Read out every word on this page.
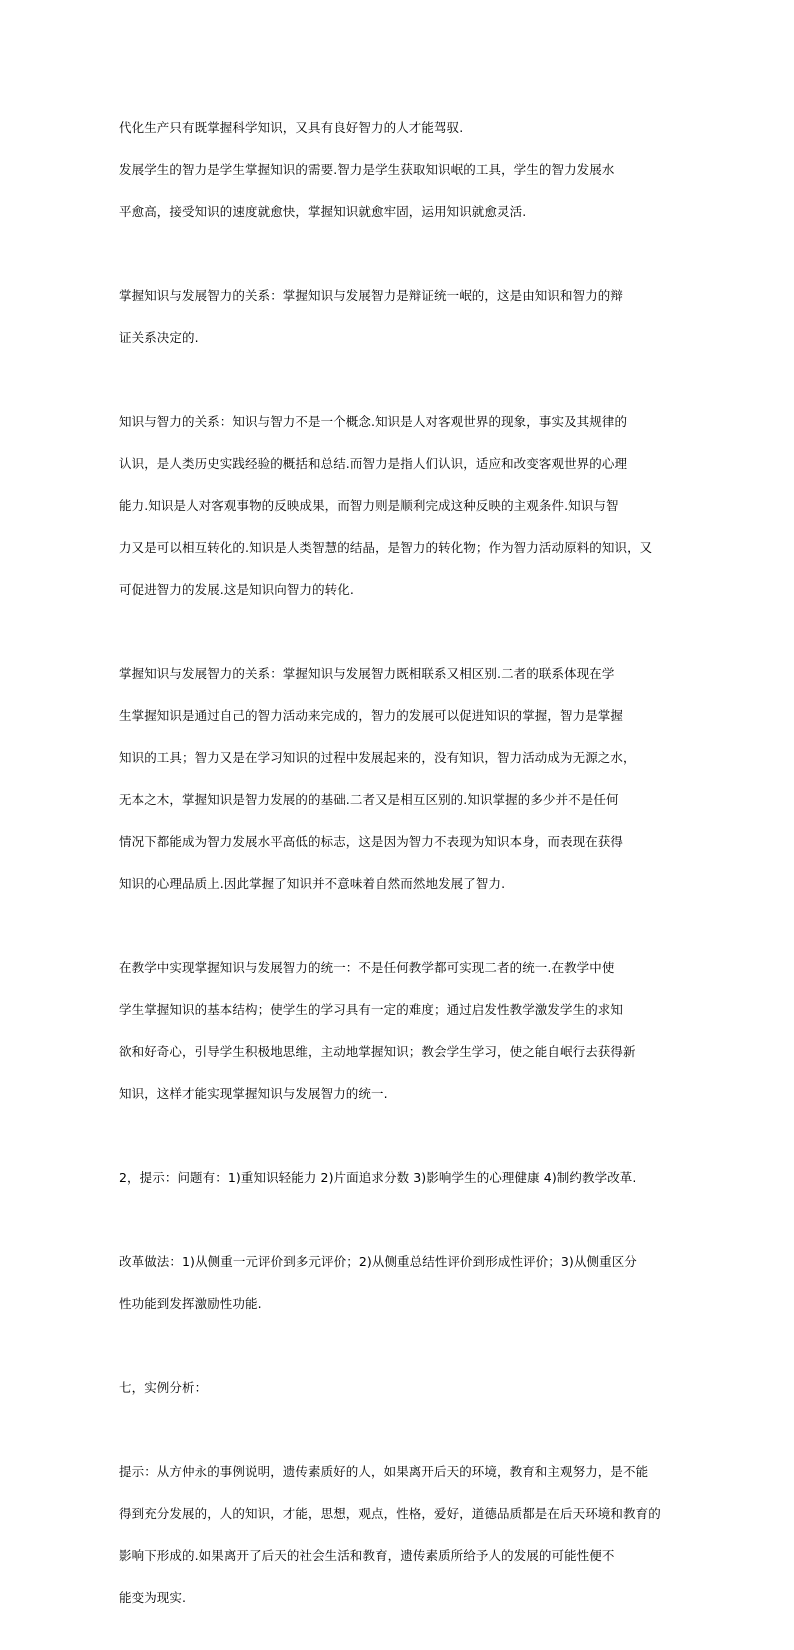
代化生产只有既掌握科学知识，又具有良好智力的人才能驾驭.

发展学生的智力是学生掌握知识的需要.智力是学生获取知识岷的工具，学生的智力发展水

平愈高，接受知识的速度就愈快，掌握知识就愈牢固，运用知识就愈灵活.

掌握知识与发展智力的关系：掌握知识与发展智力是辩证统一岷的，这是由知识和智力的辩

证关系决定的.

知识与智力的关系：知识与智力不是一个概念.知识是人对客观世界的现象，事实及其规律的

认识，是人类历史实践经验的概括和总结.而智力是指人们认识，适应和改变客观世界的心理

能力.知识是人对客观事物的反映成果，而智力则是顺利完成这种反映的主观条件.知识与智

力又是可以相互转化的.知识是人类智慧的结晶，是智力的转化物；作为智力活动原料的知识，又

可促进智力的发展.这是知识向智力的转化.

掌握知识与发展智力的关系：掌握知识与发展智力既相联系又相区别.二者的联系体现在学

生掌握知识是通过自己的智力活动来完成的，智力的发展可以促进知识的掌握，智力是掌握

知识的工具；智力又是在学习知识的过程中发展起来的，没有知识，智力活动成为无源之水，

无本之木，掌握知识是智力发展的的基础.二者又是相互区别的.知识掌握的多少并不是任何

情况下都能成为智力发展水平高低的标志，这是因为智力不表现为知识本身，而表现在获得

知识的心理品质上.因此掌握了知识并不意味着自然而然地发展了智力.

在教学中实现掌握知识与发展智力的统一：不是任何教学都可实现二者的统一.在教学中使

学生掌握知识的基本结构；使学生的学习具有一定的难度；通过启发性教学激发学生的求知

欲和好奇心，引导学生积极地思维，主动地掌握知识；教会学生学习，使之能自岷行去获得新

知识，这样才能实现掌握知识与发展智力的统一.

2，提示：问题有：1)重知识轻能力 2)片面追求分数 3)影响学生的心理健康 4)制约教学改革.

改革做法：1)从侧重一元评价到多元评价；2)从侧重总结性评价到形成性评价；3)从侧重区分

性功能到发挥激励性功能.

七，实例分析：

提示：从方仲永的事例说明，遗传素质好的人，如果离开后天的环境，教育和主观努力，是不能

得到充分发展的，人的知识，才能，思想，观点，性格，爱好，道德品质都是在后天环境和教育的

影响下形成的.如果离开了后天的社会生活和教育，遗传素质所给予人的发展的可能性便不

能变为现实.
